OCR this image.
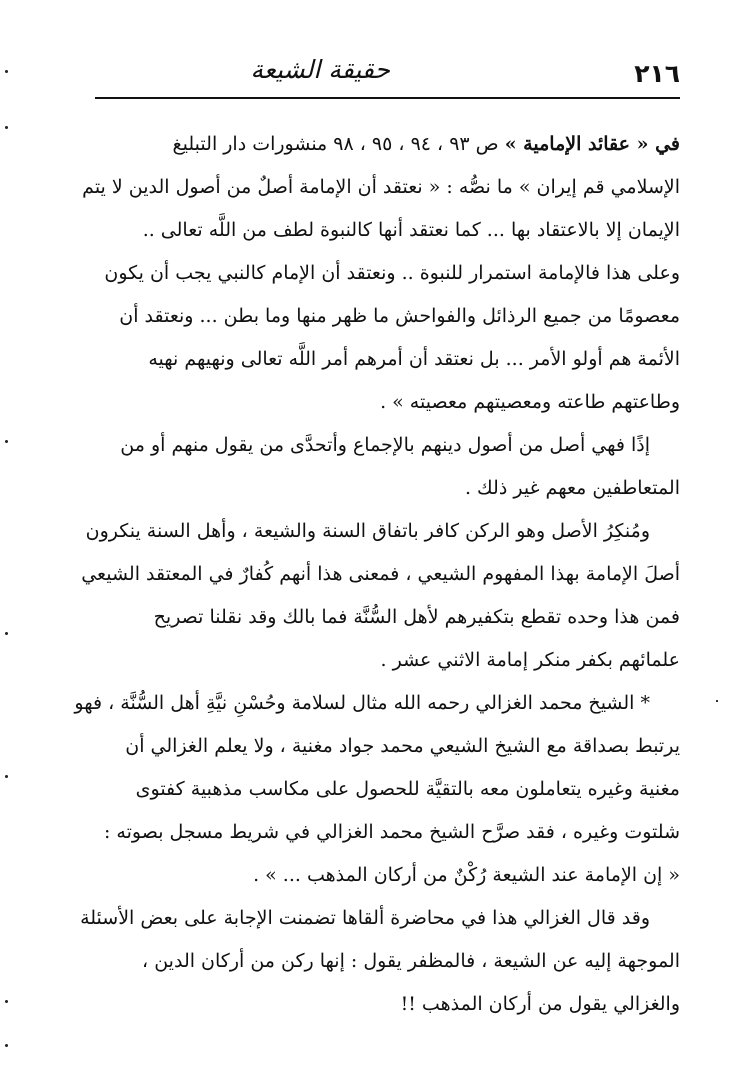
٢١٦
حقيقة الشيعة
في « عقائد الإمامية » ص ٩٣ ، ٩٤ ، ٩٥ ، ٩٨ منشورات دار التبليغ
الإسلامي قم إيران » ما نصُّه : « نعتقد أن الإمامة أصلٌ من أصول الدين لا يتم
الإيمان إلا بالاعتقاد بها ... كما نعتقد أنها كالنبوة لطف من اللَّه تعالى ..
وعلى هذا فالإمامة استمرار للنبوة .. ونعتقد أن الإمام كالنبي يجب أن يكون
معصومًا من جميع الرذائل والفواحش ما ظهر منها وما بطن ... ونعتقد أن
الأئمة هم أولو الأمر ... بل نعتقد أن أمرهم أمر اللَّه تعالى ونهيهم نهيه
وطاعتهم طاعته ومعصيتهم معصيته » .
إذًا فهي أصل من أصول دينهم بالإجماع وأتحدَّى من يقول منهم أو من
المتعاطفين معهم غير ذلك .
ومُنكِرُ الأصل وهو الركن كافر باتفاق السنة والشيعة ، وأهل السنة ينكرون
أصلَ الإمامة بهذا المفهوم الشيعي ، فمعنى هذا أنهم كُفارٌ في المعتقد الشيعي
فمن هذا وحده تقطع بتكفيرهم لأهل السُّنَّة فما بالك وقد نقلنا تصريح
علمائهم بكفر منكر إمامة الاثني عشر .
* الشيخ محمد الغزالي رحمه الله مثال لسلامة وحُسْنِ نيَّةِ أهل السُّنَّة ، فهو
يرتبط بصداقة مع الشيخ الشيعي محمد جواد مغنية ، ولا يعلم الغزالي أن
مغنية وغيره يتعاملون معه بالتقيَّة للحصول على مكاسب مذهبية كفتوى
شلتوت وغيره ، فقد صرَّح الشيخ محمد الغزالي في شريط مسجل بصوته :
« إن الإمامة عند الشيعة رُكْنٌ من أركان المذهب ... » .
وقد قال الغزالي هذا في محاضرة ألقاها تضمنت الإجابة على بعض الأسئلة
الموجهة إليه عن الشيعة ، فالمظفر يقول : إنها ركن من أركان الدين ،
والغزالي يقول من أركان المذهب !!
